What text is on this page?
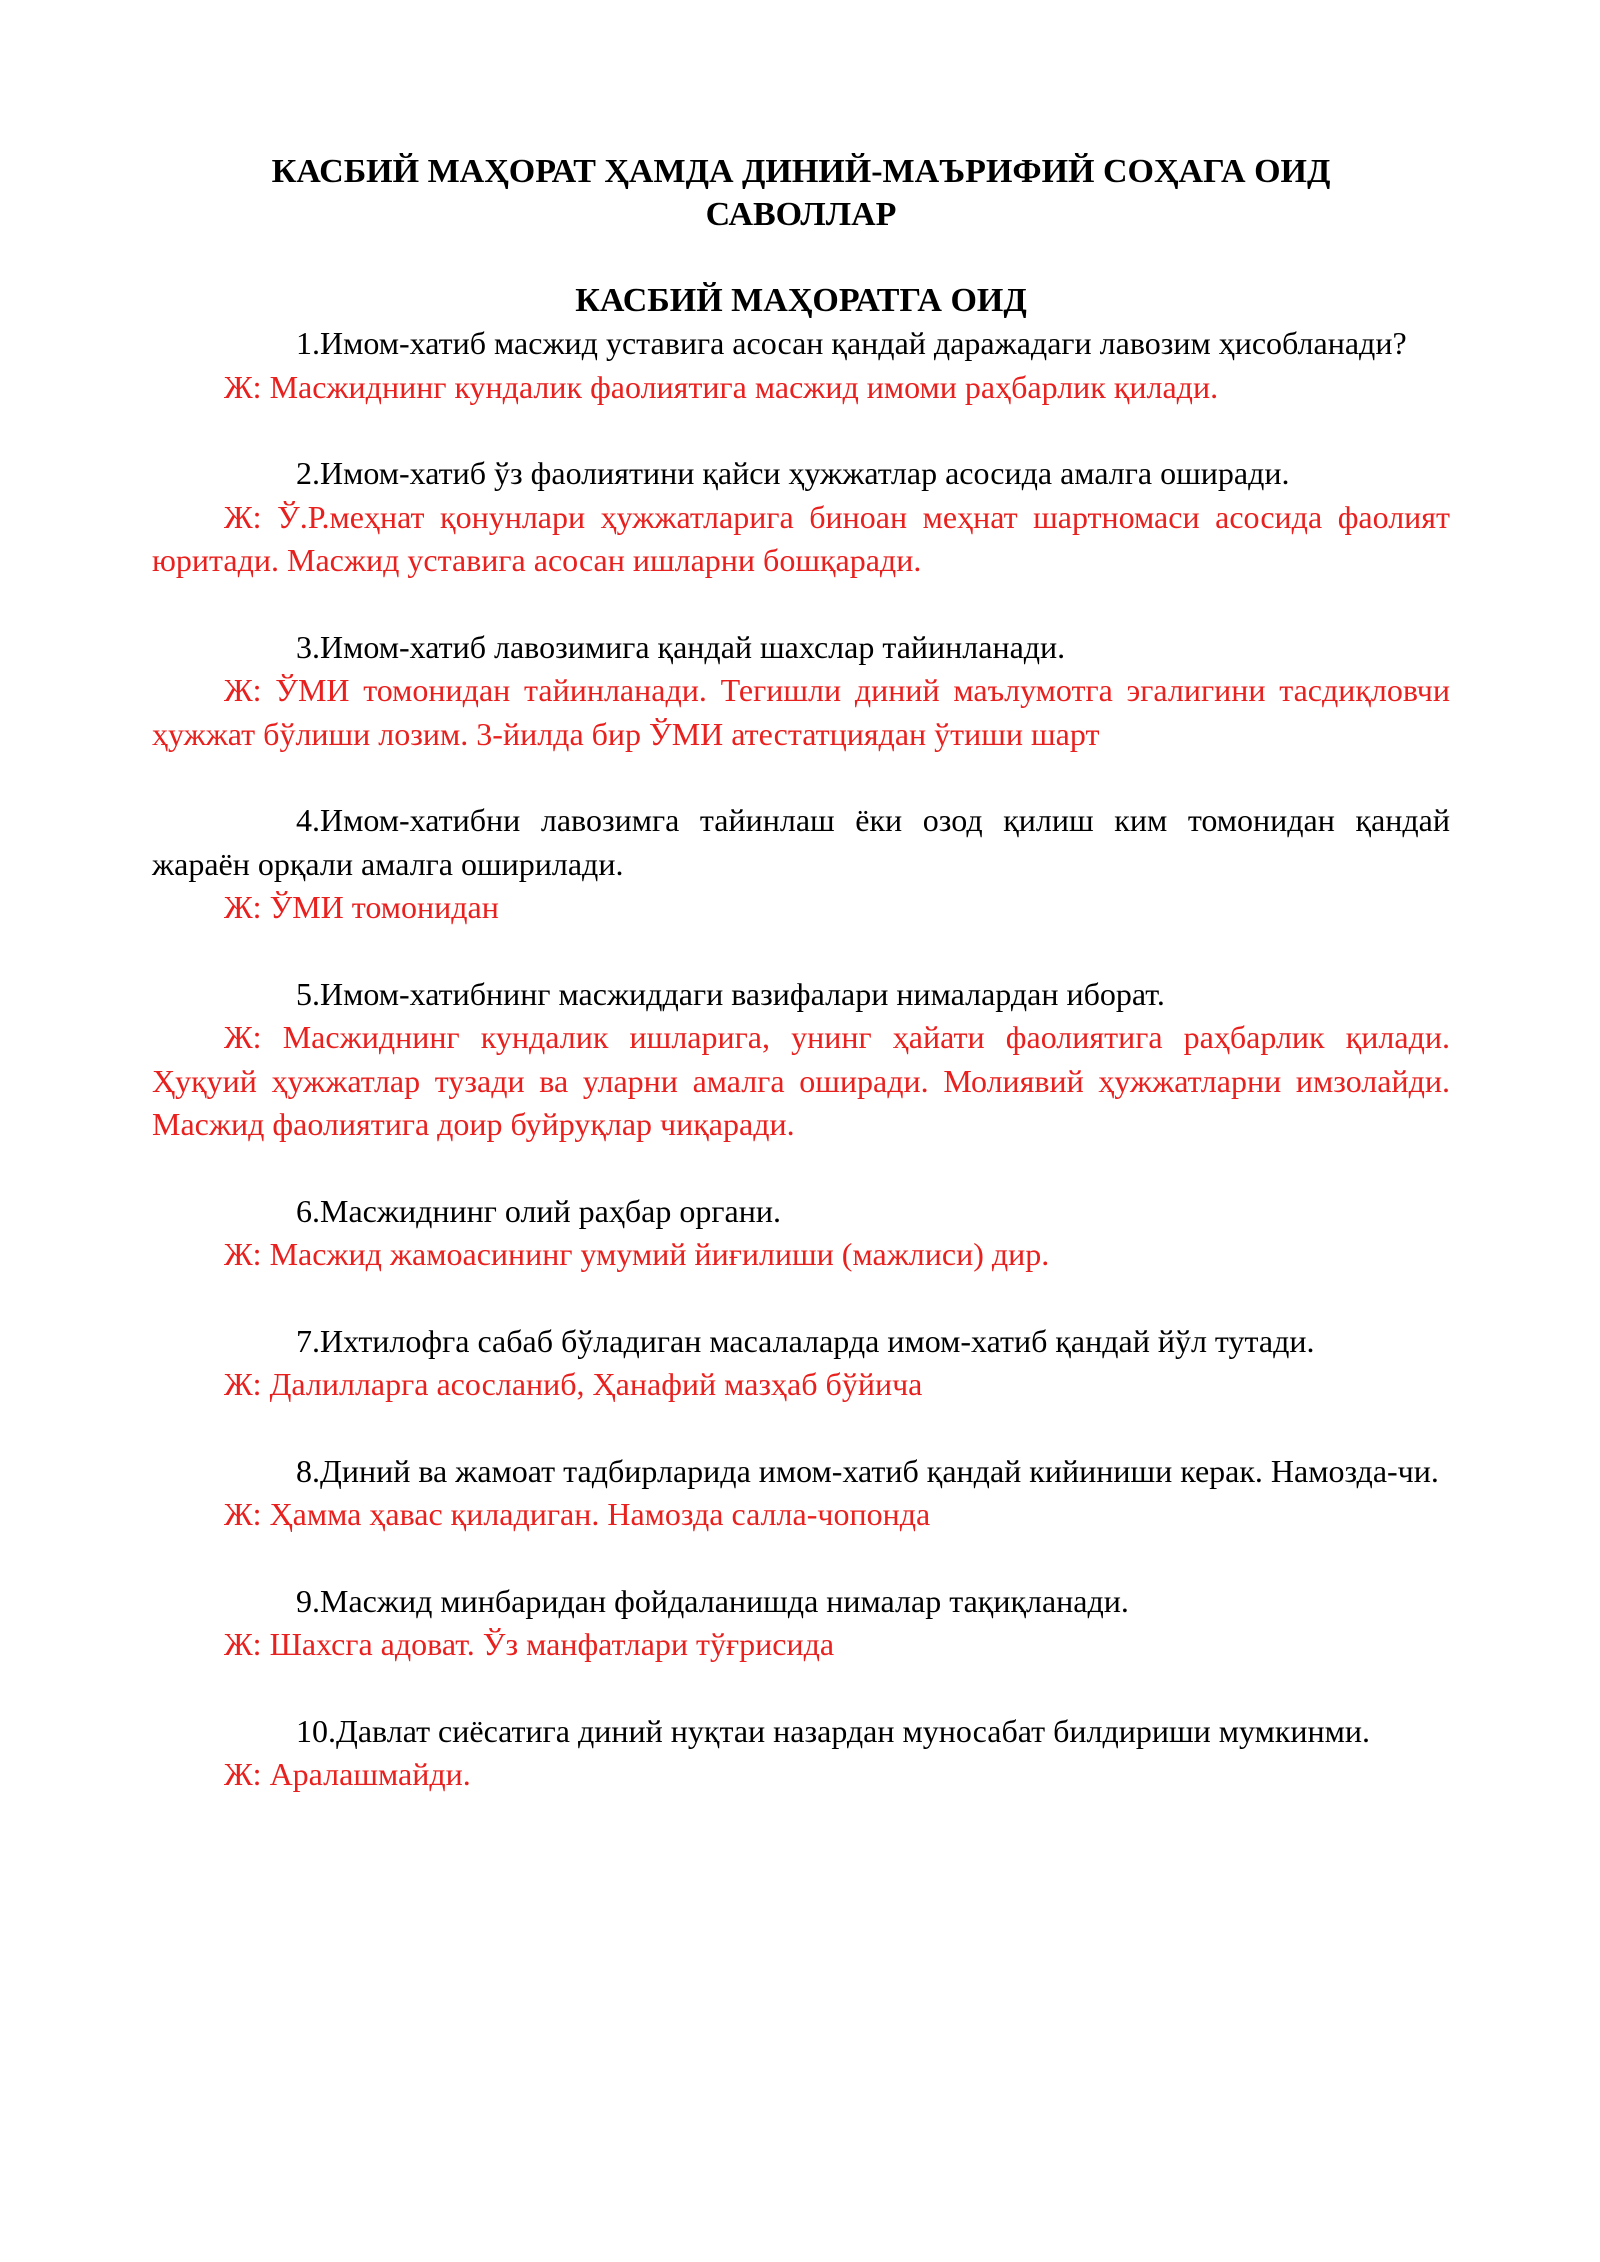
КАСБИЙ МАҲОРАТ ҲАМДА ДИНИЙ-МАЪРИФИЙ СОҲАГА ОИД САВОЛЛАР
КАСБИЙ МАҲОРАТГА ОИД

1.Имом-хатиб масжид уставига асосан қандай даражадаги лавозим ҳисобланади?

Ж: Масжиднинг кундалик фаолиятига масжид имоми раҳбарлик қилади.

2.Имом-хатиб ўз фаолиятини қайси ҳужжатлар асосида амалга оширади.

Ж: Ў.Р.меҳнат қонунлари ҳужжатларига биноан меҳнат шартномаси асосида фаолият юритади. Масжид уставига асосан ишларни бошқаради.

3.Имом-хатиб лавозимига қандай шахслар тайинланади.

Ж: ЎМИ томонидан тайинланади. Тегишли диний маълумотга эгалигини тасдиқловчи ҳужжат бўлиши лозим. 3-йилда бир ЎМИ атестатциядан ўтиши шарт

4.Имом-хатибни лавозимга тайинлаш ёки озод қилиш ким томонидан қандай жараён орқали амалга оширилади.

Ж: ЎМИ томонидан

5.Имом-хатибнинг масжиддаги вазифалари нималардан иборат.

Ж: Масжиднинг кундалик ишларига, унинг ҳайати фаолиятига раҳбарлик қилади. Ҳуқуий ҳужжатлар тузади ва уларни амалга оширади. Молиявий ҳужжатларни имзолайди. Масжид фаолиятига доир буйруқлар чиқаради.

6.Масжиднинг олий раҳбар органи.

Ж: Масжид жамоасининг умумий йиғилиши (мажлиси) дир.

7.Ихтилофга сабаб бўладиган масалаларда имом-хатиб қандай йўл тутади.

Ж: Далилларга асосланиб, Ҳанафий мазҳаб бўйича

8.Диний ва жамоат тадбирларида имом-хатиб қандай кийиниши керак. Намозда-чи.

Ж: Ҳамма ҳавас қиладиган. Намозда салла-чопонда

9.Масжид минбаридан фойдаланишда нималар тақиқланади.

Ж: Шахсга адоват. Ўз манфатлари тўғрисида

10.Давлат сиёсатига диний нуқтаи назардан муносабат билдириши мумкинми.

Ж: Аралашмайди.
